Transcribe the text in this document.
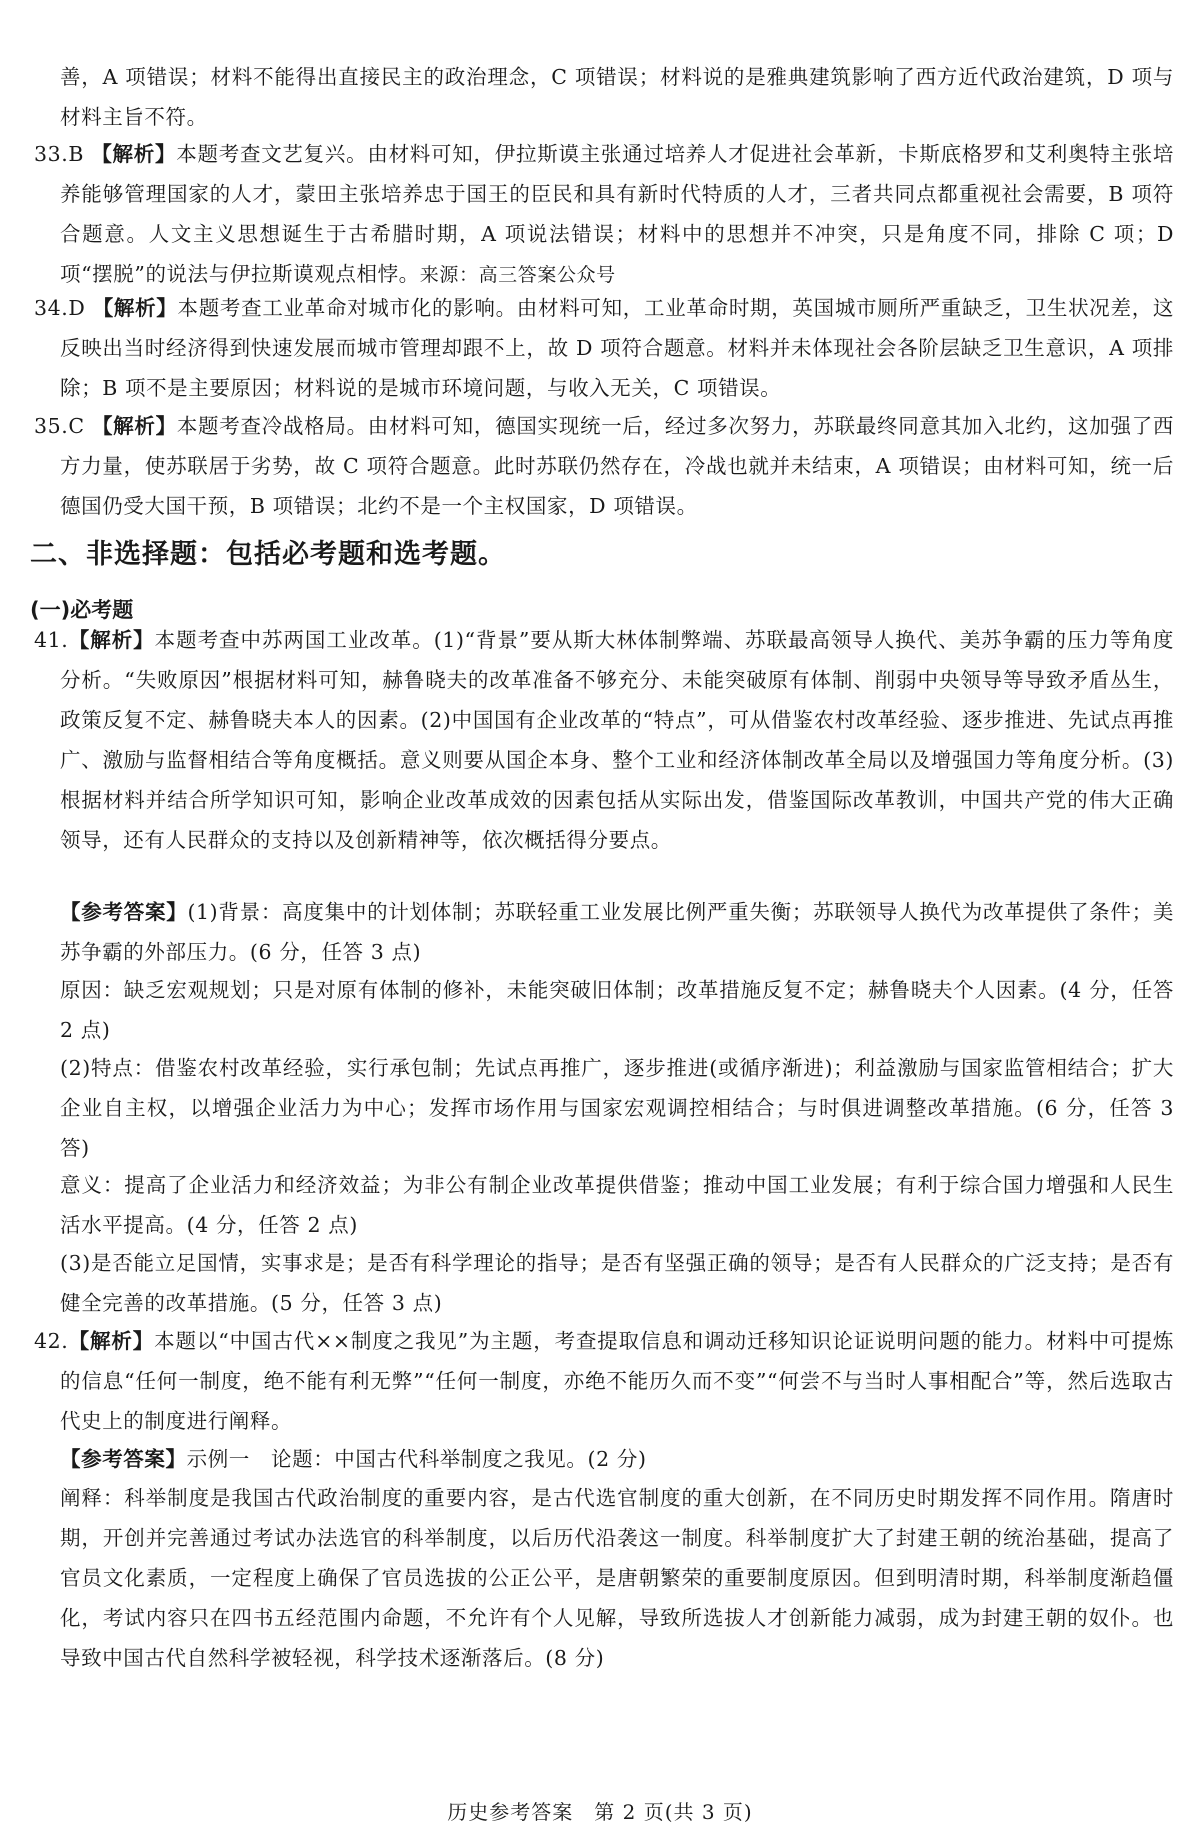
善，A 项错误；材料不能得出直接民主的政治理念，C 项错误；材料说的是雅典建筑影响了西方近代政治建筑，D 项与材料主旨不符。

33.B 【解析】本题考查文艺复兴。由材料可知，伊拉斯谟主张通过培养人才促进社会革新，卡斯底格罗和艾利奥特主张培养能够管理国家的人才，蒙田主张培养忠于国王的臣民和具有新时代特质的人才，三者共同点都重视社会需要，B 项符合题意。人文主义思想诞生于古希腊时期，A 项说法错误；材料中的思想并不冲突，只是角度不同，排除 C 项；D 项“摆脱”的说法与伊拉斯谟观点相悖。来源：高三答案公众号

34.D 【解析】本题考查工业革命对城市化的影响。由材料可知，工业革命时期，英国城市厕所严重缺乏，卫生状况差，这反映出当时经济得到快速发展而城市管理却跟不上，故 D 项符合题意。材料并未体现社会各阶层缺乏卫生意识，A 项排除；B 项不是主要原因；材料说的是城市环境问题，与收入无关，C 项错误。

35.C 【解析】本题考查冷战格局。由材料可知，德国实现统一后，经过多次努力，苏联最终同意其加入北约，这加强了西方力量，使苏联居于劣势，故 C 项符合题意。此时苏联仍然存在，冷战也就并未结束，A 项错误；由材料可知，统一后德国仍受大国干预，B 项错误；北约不是一个主权国家，D 项错误。

二、非选择题：包括必考题和选考题。
(一)必考题

41.【解析】本题考查中苏两国工业改革。(1)“背景”要从斯大林体制弊端、苏联最高领导人换代、美苏争霸的压力等角度分析。“失败原因”根据材料可知，赫鲁晓夫的改革准备不够充分、未能突破原有体制、削弱中央领导等导致矛盾丛生，政策反复不定、赫鲁晓夫本人的因素。(2)中国国有企业改革的“特点”，可从借鉴农村改革经验、逐步推进、先试点再推广、激励与监督相结合等角度概括。意义则要从国企本身、整个工业和经济体制改革全局以及增强国力等角度分析。(3)根据材料并结合所学知识可知，影响企业改革成效的因素包括从实际出发，借鉴国际改革教训，中国共产党的伟大正确领导，还有人民群众的支持以及创新精神等，依次概括得分要点。

【参考答案】(1)背景：高度集中的计划体制；苏联轻重工业发展比例严重失衡；苏联领导人换代为改革提供了条件；美苏争霸的外部压力。(6 分，任答 3 点)

原因：缺乏宏观规划；只是对原有体制的修补，未能突破旧体制；改革措施反复不定；赫鲁晓夫个人因素。(4 分，任答 2 点)

(2)特点：借鉴农村改革经验，实行承包制；先试点再推广，逐步推进(或循序渐进)；利益激励与国家监管相结合；扩大企业自主权，以增强企业活力为中心；发挥市场作用与国家宏观调控相结合；与时俱进调整改革措施。(6 分，任答 3 答)

意义：提高了企业活力和经济效益；为非公有制企业改革提供借鉴；推动中国工业发展；有利于综合国力增强和人民生活水平提高。(4 分，任答 2 点)

(3)是否能立足国情，实事求是；是否有科学理论的指导；是否有坚强正确的领导；是否有人民群众的广泛支持；是否有健全完善的改革措施。(5 分，任答 3 点)

42.【解析】本题以“中国古代××制度之我见”为主题，考查提取信息和调动迁移知识论证说明问题的能力。材料中可提炼的信息“任何一制度，绝不能有利无弊”“任何一制度，亦绝不能历久而不变”“何尝不与当时人事相配合”等，然后选取古代史上的制度进行阐释。

【参考答案】示例一　论题：中国古代科举制度之我见。(2 分)

阐释：科举制度是我国古代政治制度的重要内容，是古代选官制度的重大创新，在不同历史时期发挥不同作用。隋唐时期，开创并完善通过考试办法选官的科举制度，以后历代沿袭这一制度。科举制度扩大了封建王朝的统治基础，提高了官员文化素质，一定程度上确保了官员选拔的公正公平，是唐朝繁荣的重要制度原因。但到明清时期，科举制度渐趋僵化，考试内容只在四书五经范围内命题，不允许有个人见解，导致所选拔人才创新能力减弱，成为封建王朝的奴仆。也导致中国古代自然科学被轻视，科学技术逐渐落后。(8 分)

历史参考答案　第 2 页(共 3 页)
